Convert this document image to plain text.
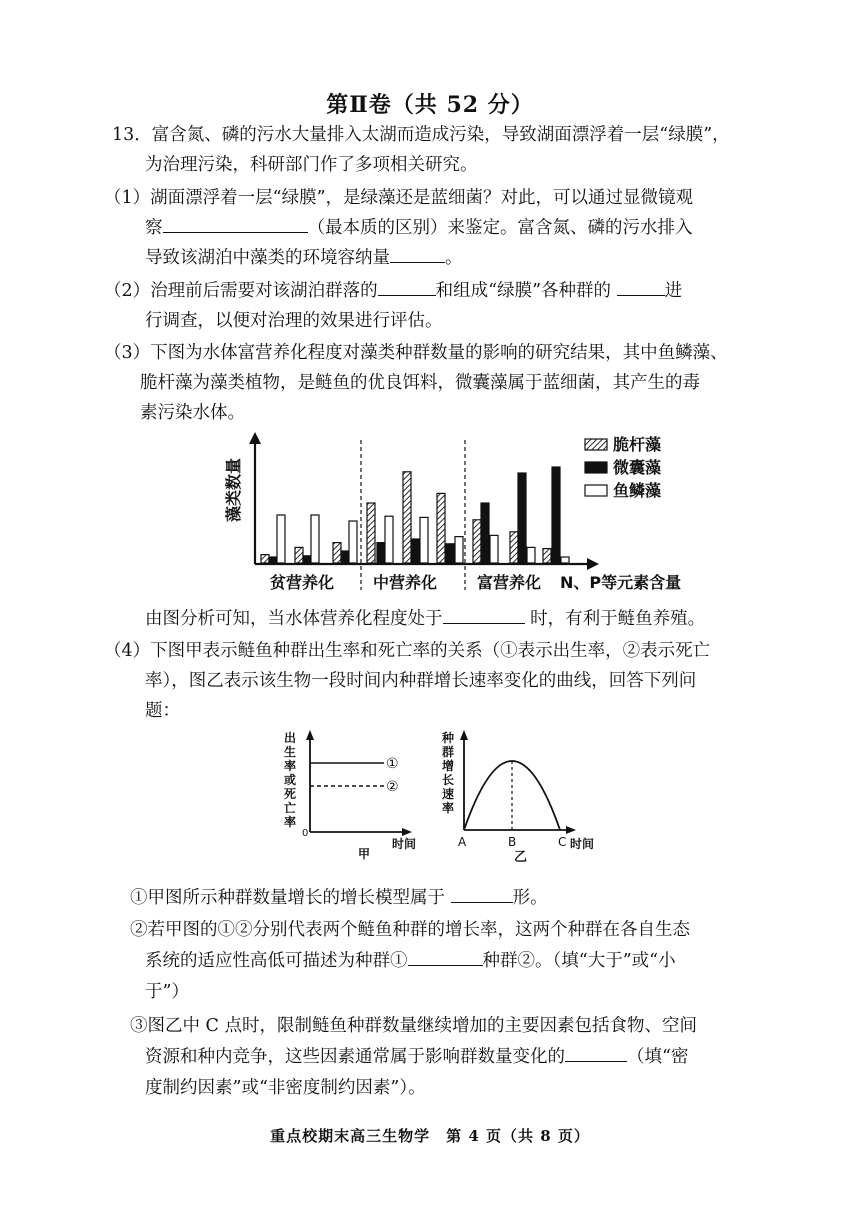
第Ⅱ卷（共 52 分）
13．富含氮、磷的污水大量排入太湖而造成污染，导致湖面漂浮着一层“绿膜”，
为治理污染，科研部门作了多项相关研究。
（1）湖面漂浮着一层“绿膜”，是绿藻还是蓝细菌？对此，可以通过显微镜观
察	（最本质的区别）来鉴定。富含氮、磷的污水排入
导致该湖泊中藻类的环境容纳量	。
（2）治理前后需要对该湖泊群落的	和组成“绿膜”各种群的	进
行调查，以便对治理的效果进行评估。
（3）下图为水体富营养化程度对藻类种群数量的影响的研究结果，其中鱼鳞藻、
脆杆藻为藻类植物，是鲢鱼的优良饵料，微囊藻属于蓝细菌，其产生的毒
素污染水体。
藻类数量
贫营养化 中营养化 富营养化 N、P等元素含量
脆杆藻
微囊藻
鱼鳞藻
由图分析可知，当水体营养化程度处于	时，有利于鲢鱼养殖。
（4）下图甲表示鲢鱼种群出生率和死亡率的关系（①表示出生率，②表示死亡
率），图乙表示该生物一段时间内种群增长速率变化的曲线，回答下列问
题：
出
生
率
或
死
亡
率
①
②
0
时间
甲
种
群
增
长
速
率
A	B	C 时间
乙
①甲图所示种群数量增长的增长模型属于	形。
②若甲图的①②分别代表两个鲢鱼种群的增长率，这两个种群在各自生态
系统的适应性高低可描述为种群①	种群②。（填“大于”或“小
于”）
③图乙中 C 点时，限制鲢鱼种群数量继续增加的主要因素包括食物、空间
资源和种内竞争，这些因素通常属于影响群数量变化的	（填“密
度制约因素”或“非密度制约因素”）。
重点校期末高三生物学　第 4 页（共 8 页）
